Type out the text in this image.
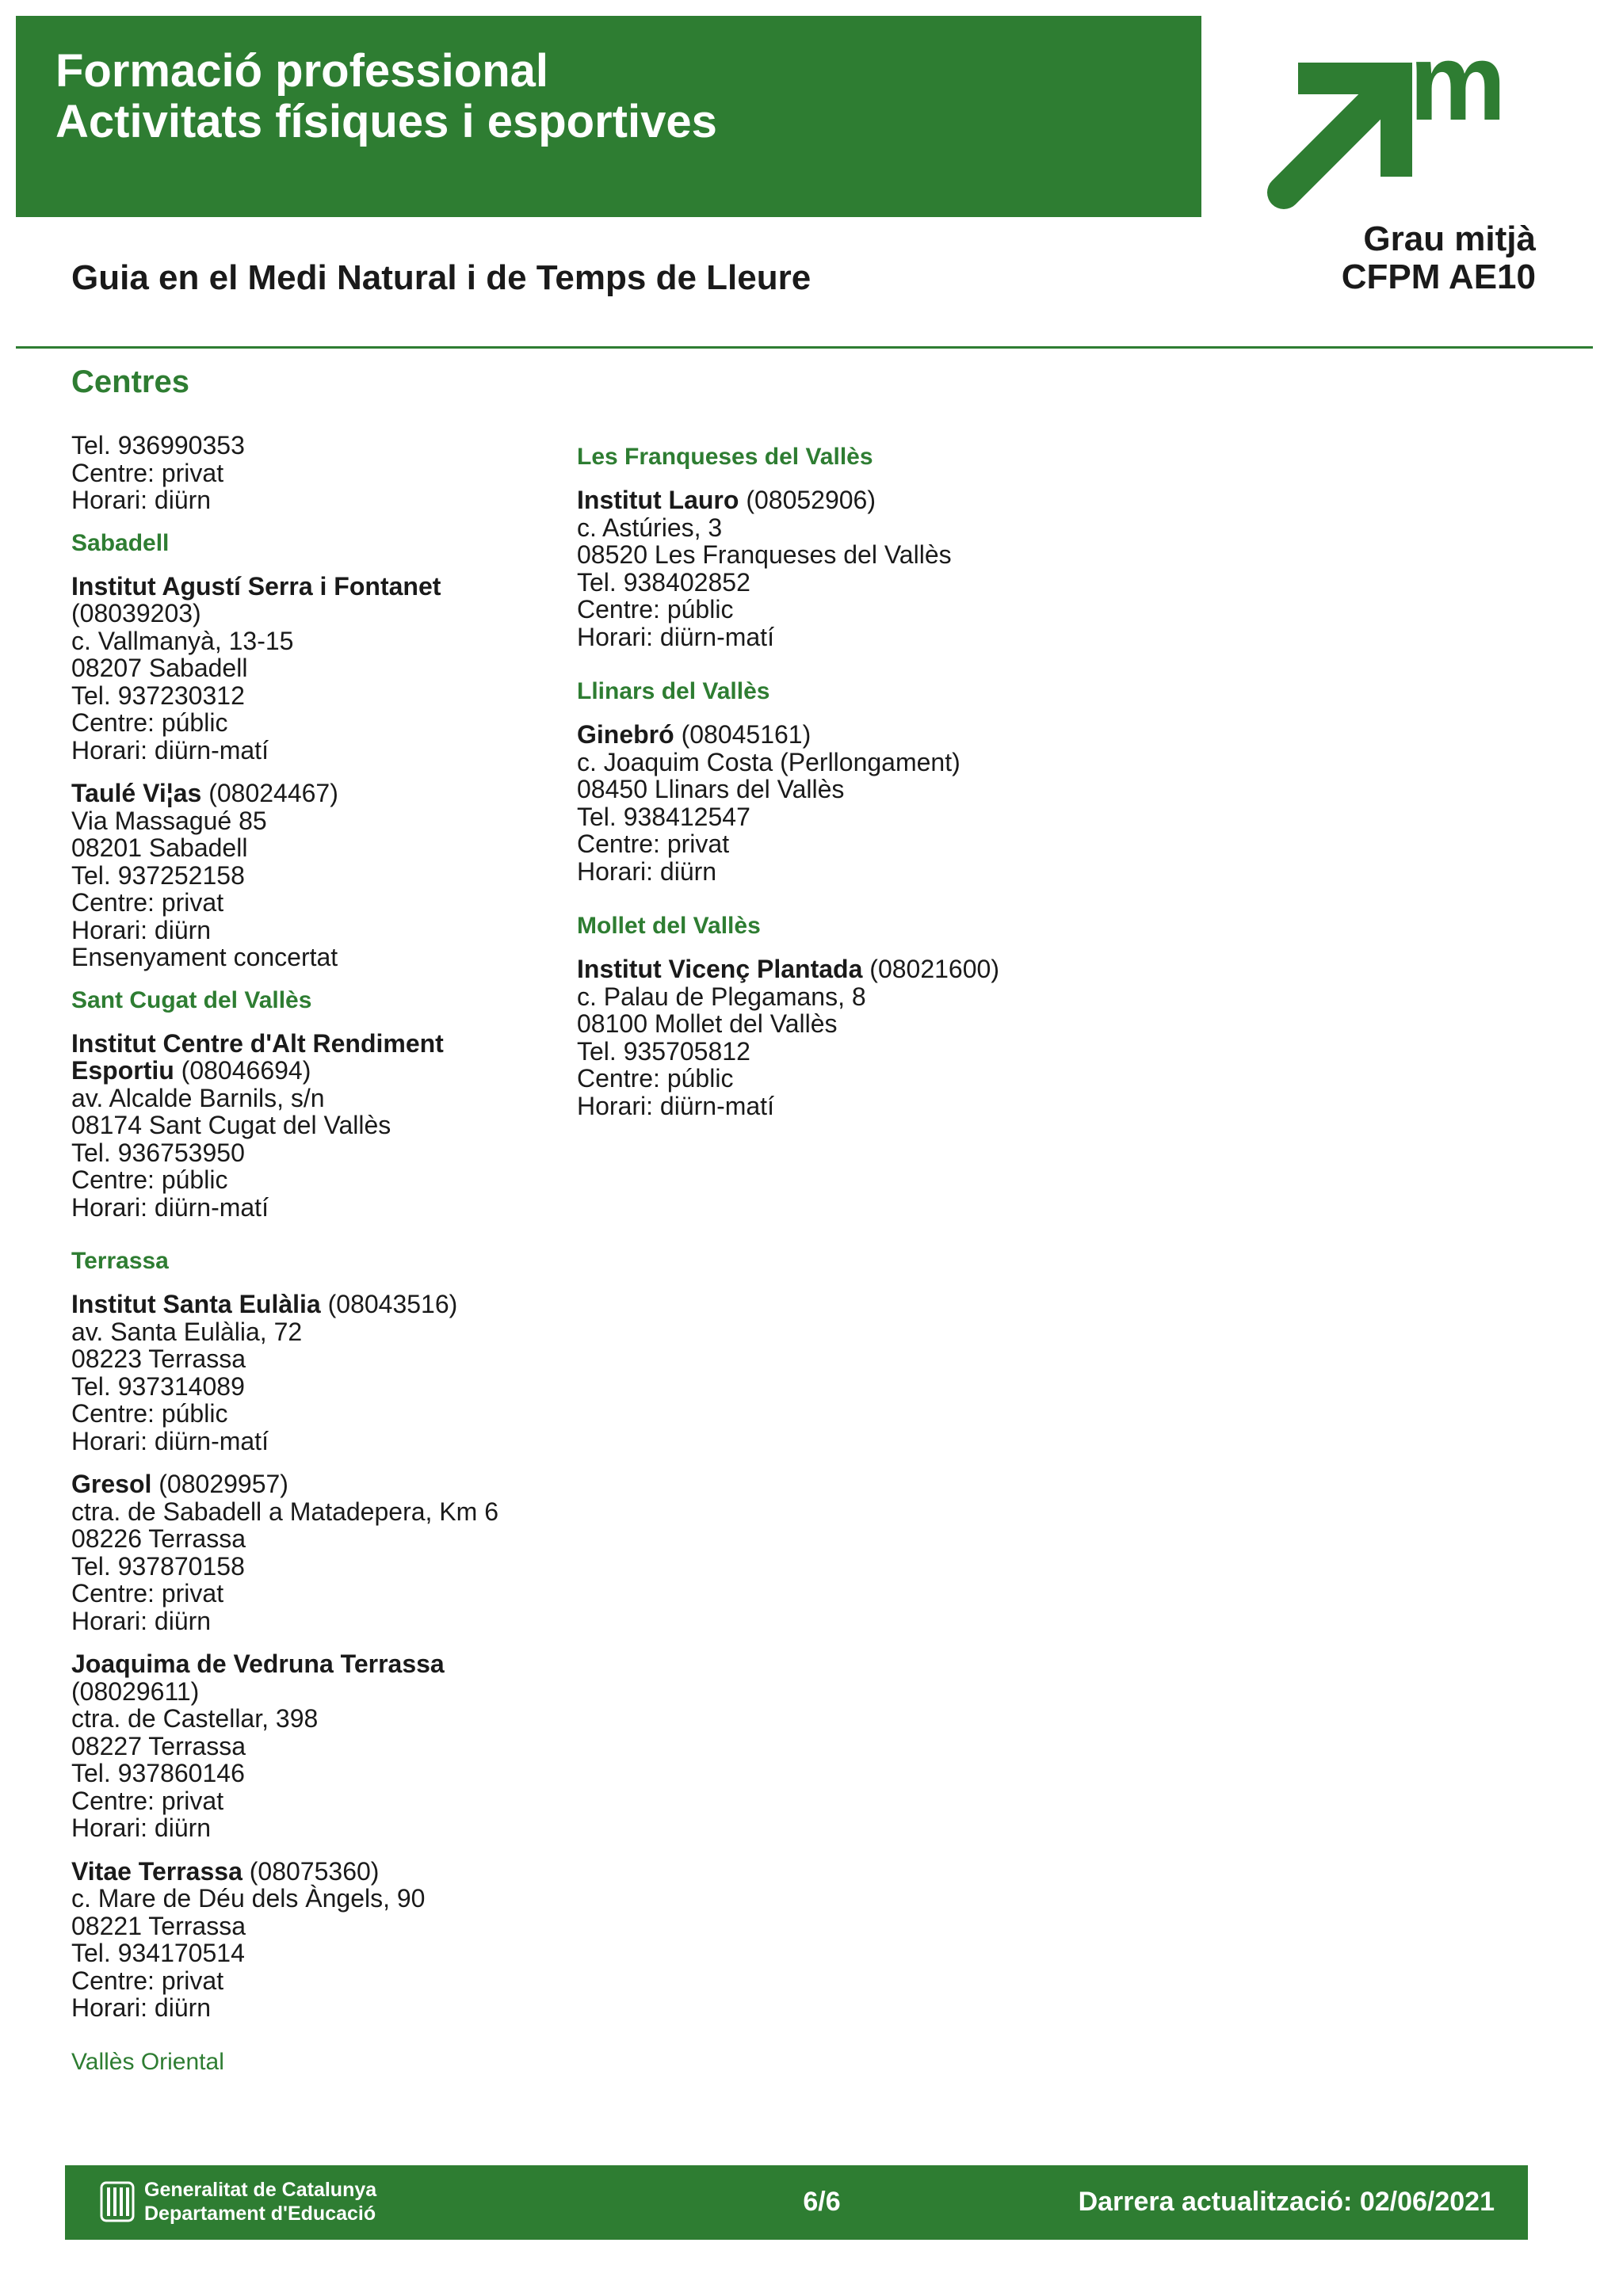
Formació professional
Activitats físiques i esportives	m
Grau mitjà
CFPM AE10
Guia en el Medi Natural i de Temps de Lleure
Centres
Tel. 936990353
Centre: privat
Horari: diürn
Sabadell
Institut Agustí Serra i Fontanet
(08039203)
c. Vallmanyà, 13-15
08207 Sabadell
Tel. 937230312
Centre: públic
Horari: diürn-matí
Taulé Vi¦as (08024467)
Via Massagué 85
08201 Sabadell
Tel. 937252158
Centre: privat
Horari: diürn
Ensenyament concertat
Sant Cugat del Vallès
Institut Centre d'Alt Rendiment
Esportiu (08046694)
av. Alcalde Barnils, s/n
08174 Sant Cugat del Vallès
Tel. 936753950
Centre: públic
Horari: diürn-matí
Terrassa
Institut Santa Eulàlia (08043516)
av. Santa Eulàlia, 72
08223 Terrassa
Tel. 937314089
Centre: públic
Horari: diürn-matí
Gresol (08029957)
ctra. de Sabadell a Matadepera, Km 6
08226 Terrassa
Tel. 937870158
Centre: privat
Horari: diürn
Joaquima de Vedruna Terrassa
(08029611)
ctra. de Castellar, 398
08227 Terrassa
Tel. 937860146
Centre: privat
Horari: diürn
Vitae Terrassa (08075360)
c. Mare de Déu dels Àngels, 90
08221 Terrassa
Tel. 934170514
Centre: privat
Horari: diürn
Vallès Oriental
Les Franqueses del Vallès
Institut Lauro (08052906)
c. Astúries, 3
08520 Les Franqueses del Vallès
Tel. 938402852
Centre: públic
Horari: diürn-matí
Llinars del Vallès
Ginebró (08045161)
c. Joaquim Costa (Perllongament)
08450 Llinars del Vallès
Tel. 938412547
Centre: privat
Horari: diürn
Mollet del Vallès
Institut Vicenç Plantada (08021600)
c. Palau de Plegamans, 8
08100 Mollet del Vallès
Tel. 935705812
Centre: públic
Horari: diürn-matí
Generalitat de Catalunya
Departament d'Educació	6/6	Darrera actualització: 02/06/2021
